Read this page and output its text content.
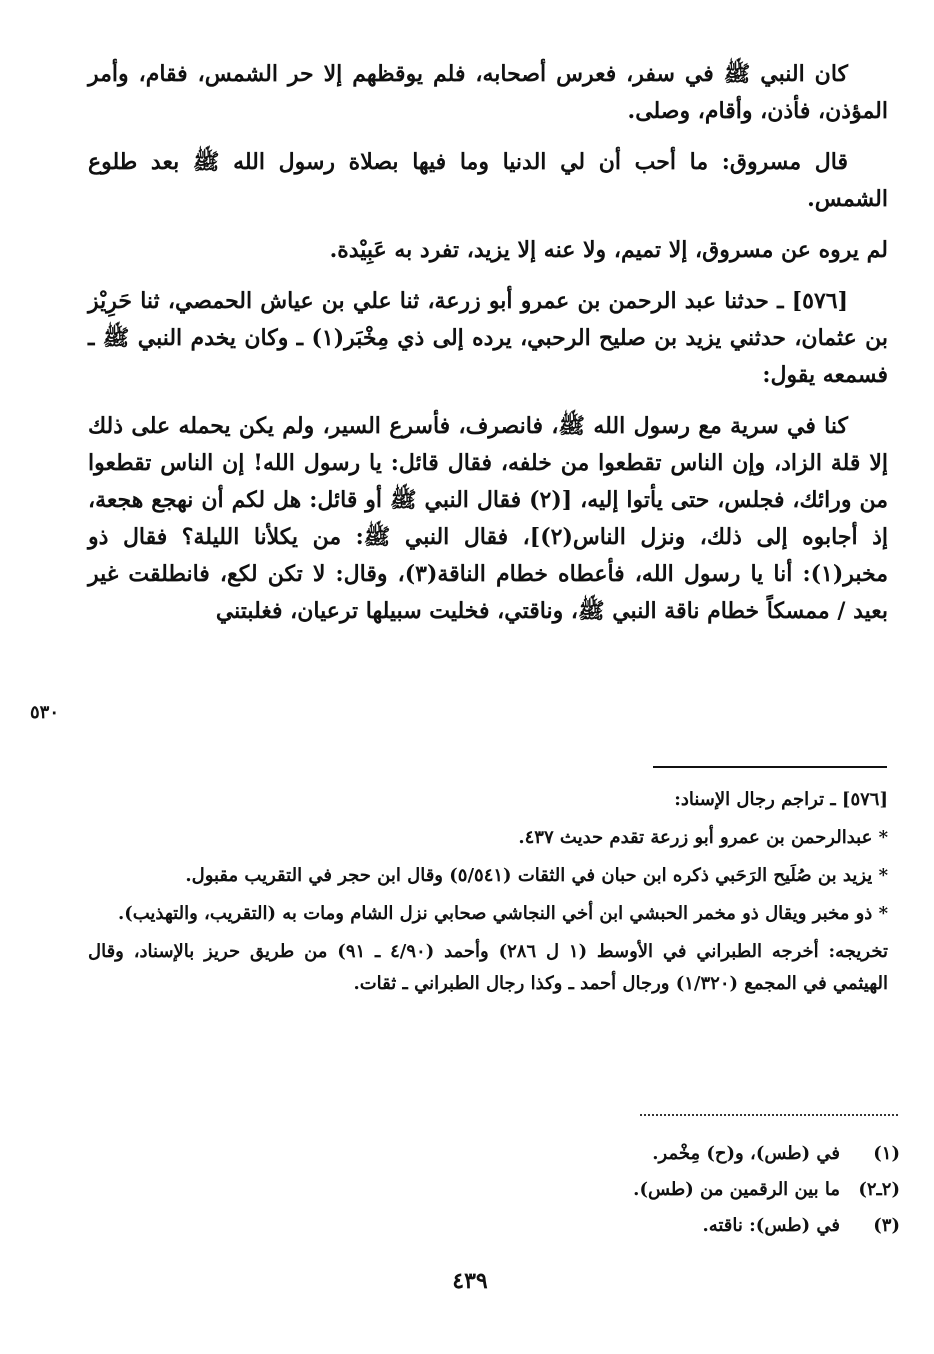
كان النبي ﷺ في سفر، فعرس أصحابه، فلم يوقظهم إلا حر الشمس، فقام، وأمر المؤذن، فأذن، وأقام، وصلى.

قال مسروق: ما أحب أن لي الدنيا وما فيها بصلاة رسول الله ﷺ بعد طلوع الشمس.

لم يروه عن مسروق، إلا تميم، ولا عنه إلا يزيد، تفرد به عَبِيْدة.

[٥٧٦] ـ حدثنا عبد الرحمن بن عمرو أبو زرعة، ثنا علي بن عياش الحمصي، ثنا حَرِيْز بن عثمان، حدثني يزيد بن صليح الرحبي، يرده إلى ذي مِخْبَر(١) ـ وكان يخدم النبي ﷺ ـ فسمعه يقول:

كنا في سرية مع رسول الله ﷺ، فانصرف، فأسرع السير، ولم يكن يحمله على ذلك إلا قلة الزاد، وإن الناس تقطعوا من خلفه، فقال قائل: يا رسول الله! إن الناس تقطعوا من ورائك، فجلس، حتى يأتوا إليه، [(٢) فقال النبي ﷺ أو قائل: هل لكم أن نهجع هجعة، إذ أجابوه إلى ذلك، ونزل الناس(٢)]، فقال النبي ﷺ: من يكلأنا الليلة؟ فقال ذو مخبر(١): أنا يا رسول الله، فأعطاه خطام الناقة(٣)، وقال: لا تكن لكع، فانطلقت غير بعيد / ممسكاً خطام ناقة النبي ﷺ، وناقتي، فخليت سبيلها ترعيان، فغلبتني

٥٣٠

[٥٧٦] ـ تراجم رجال الإسناد:

* عبدالرحمن بن عمرو أبو زرعة تقدم حديث ٤٣٧.

* يزيد بن صُلَيح الرَحَبي ذكره ابن حبان في الثقات (٥/٥٤١) وقال ابن حجر في التقريب مقبول.

* ذو مخبر ويقال ذو مخمر الحبشي ابن أخي النجاشي صحابي نزل الشام ومات به (التقريب، والتهذيب).

تخريجه: أخرجه الطبراني في الأوسط (١ ل ٢٨٦) وأحمد (٤/٩٠ ـ ٩١) من طريق حريز بالإسناد، وقال الهيثمي في المجمع (١/٣٢٠) ورجال أحمد ـ وكذا رجال الطبراني ـ ثقات.

(١)
في (طس)، و(ح) مِخْمر.
(٢ـ٢)
ما بين الرقمين من (طس).
(٣)
في (طس): ناقته.
٤٣٩
